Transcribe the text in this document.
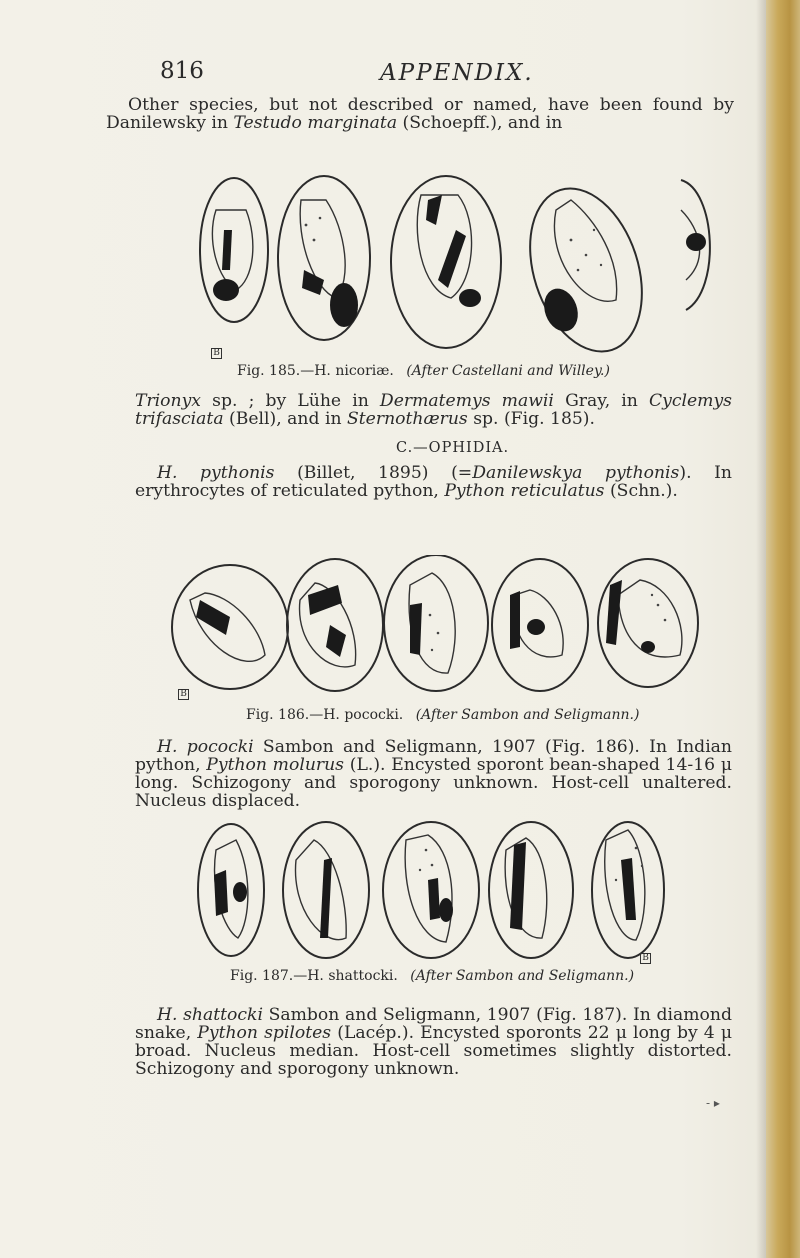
816	APPENDIX.

Other species, but not described or named, have been found by Danilewsky in Testudo marginata (Schoepff.), and in

B

Fig. 185.—H. nicoriæ. (After Castellani and Willey.)

Trionyx sp. ; by Lühe in Dermatemys mawii Gray, in Cyclemys trifasciata (Bell), and in Sternothærus sp. (Fig. 185).

C.—OPHIDIA.

H. pythonis (Billet, 1895) (=Danilewskya pythonis). In erythrocytes of reticulated python, Python reticulatus (Schn.).

B

Fig. 186.—H. pococki. (After Sambon and Seligmann.)

H. pococki Sambon and Seligmann, 1907 (Fig. 186). In Indian python, Python molurus (L.). Encysted sporont bean-shaped 14-16 μ long. Schizogony and sporogony unknown. Host-cell unaltered. Nucleus displaced.

B

Fig. 187.—H. shattocki. (After Sambon and Seligmann.)

H. shattocki Sambon and Seligmann, 1907 (Fig. 187). In diamond snake, Python spilotes (Lacép.). Encysted sporonts 22 μ long by 4 μ broad. Nucleus median. Host-cell sometimes slightly distorted. Schizogony and sporogony unknown.

- ▸
